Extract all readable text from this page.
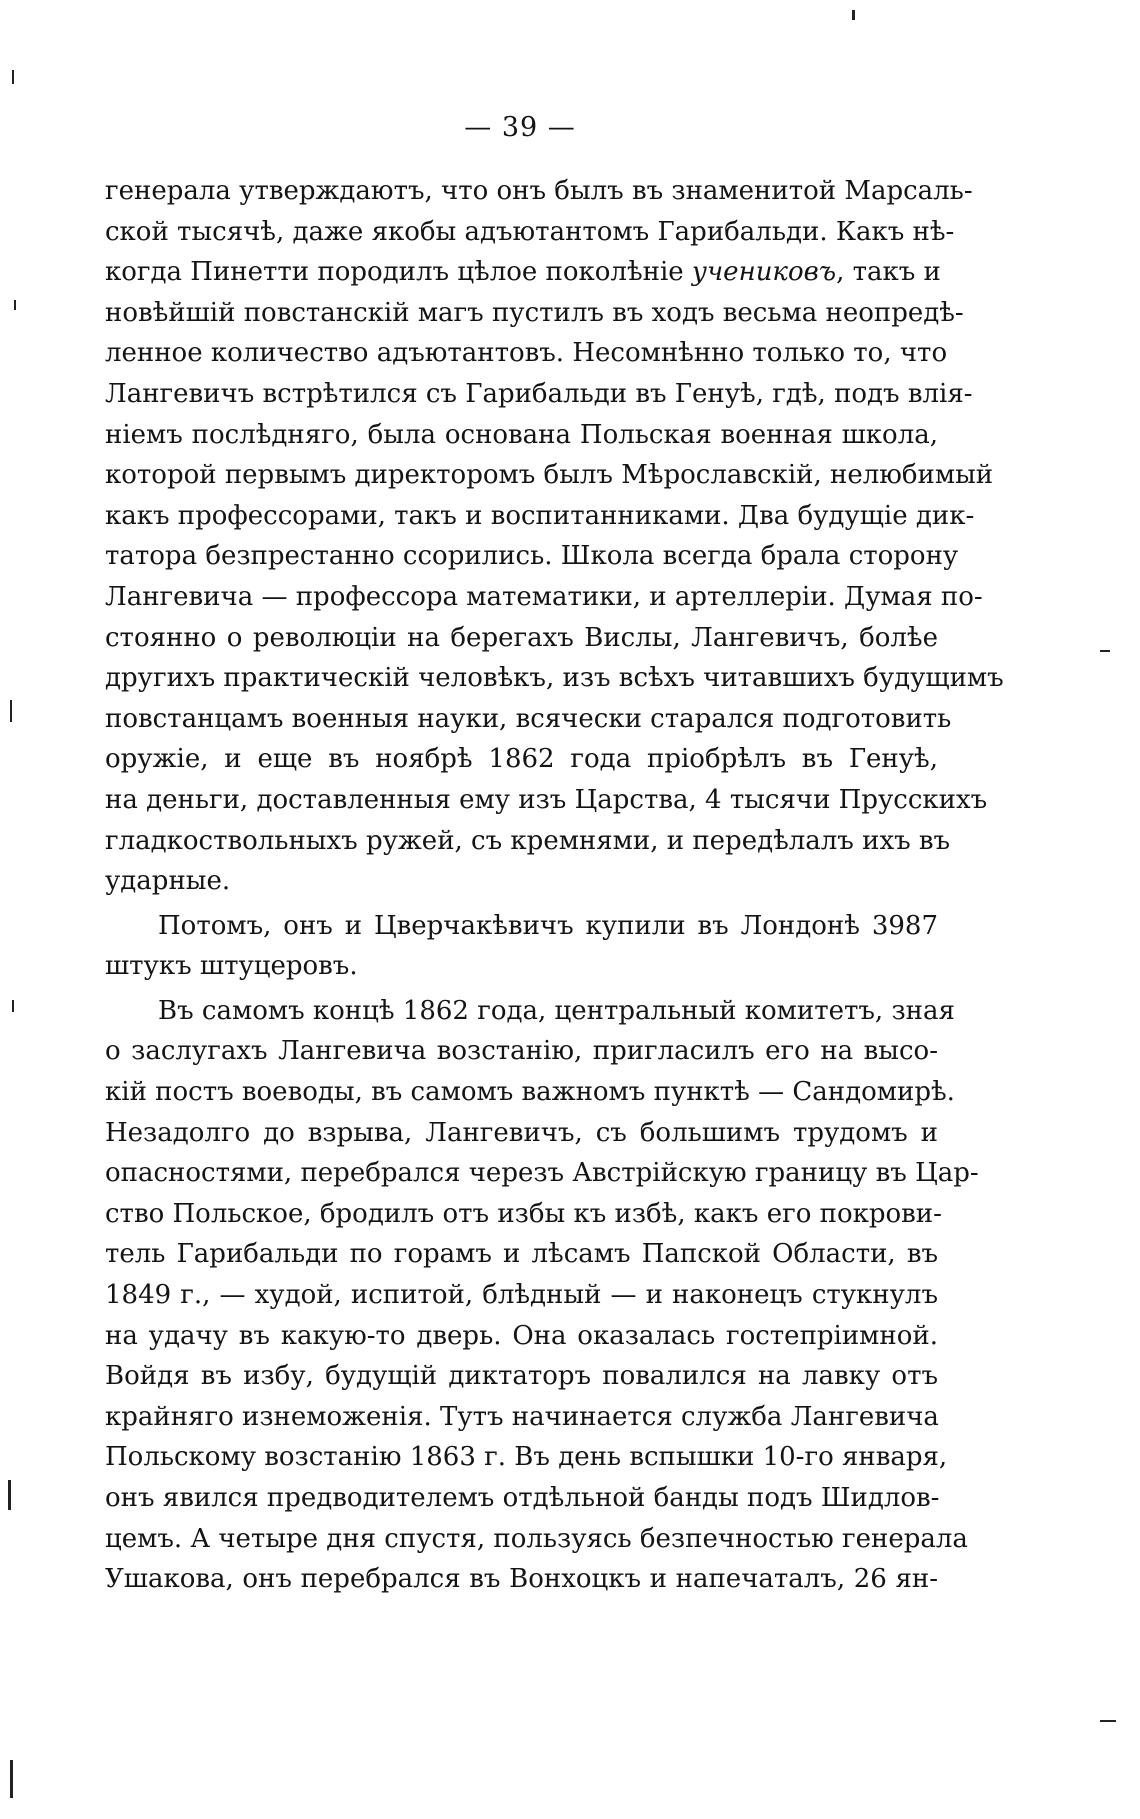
— 39 —
генерала утверждаютъ, что онъ былъ въ знаменитой Марсаль-
ской тысячѣ, даже якобы адъютантомъ Гарибальди. Какъ нѣ-
когда Пинетти породилъ цѣлое поколѣніе учениковъ, такъ и
новѣйшій повстанскій магъ пустилъ въ ходъ весьма неопредѣ-
ленное количество адъютантовъ. Несомнѣнно только то, что
Лангевичъ встрѣтился съ Гарибальди въ Генуѣ, гдѣ, подъ влія-
ніемъ послѣдняго, была основана Польская военная школа,
которой первымъ директоромъ былъ Мѣрославскій, нелюбимый
какъ профессорами, такъ и воспитанниками. Два будущіе дик-
татора безпрестанно ссорились. Школа всегда брала сторону
Лангевича — профессора математики, и артеллеріи. Думая по-
стоянно о революціи на берегахъ Вислы, Лангевичъ, болѣе
другихъ практическій человѣкъ, изъ всѣхъ читавшихъ будущимъ
повстанцамъ военныя науки, всячески старался подготовить
оружіе, и еще въ ноябрѣ 1862 года пріобрѣлъ въ Генуѣ,
на деньги, доставленныя ему изъ Царства, 4 тысячи Прусскихъ
гладкоствольныхъ ружей, съ кремнями, и передѣлалъ ихъ въ
ударные.
Потомъ, онъ и Цверчакѣвичъ купили въ Лондонѣ 3987
штукъ штуцеровъ.
Въ самомъ концѣ 1862 года, центральный комитетъ, зная
о заслугахъ Лангевича возстанію, пригласилъ его на высо-
кій постъ воеводы, въ самомъ важномъ пунктѣ — Сандомирѣ.
Незадолго до взрыва, Лангевичъ, съ большимъ трудомъ и
опасностями, перебрался черезъ Австрійскую границу въ Цар-
ство Польское, бродилъ отъ избы къ избѣ, какъ его покрови-
тель Гарибальди по горамъ и лѣсамъ Папской Области, въ
1849 г., — худой, испитой, блѣдный — и наконецъ стукнулъ
на удачу въ какую-то дверь. Она оказалась гостепріимной.
Войдя въ избу, будущій диктаторъ повалился на лавку отъ
крайняго изнеможенія. Тутъ начинается служба Лангевича
Польскому возстанію 1863 г. Въ день вспышки 10-го января,
онъ явился предводителемъ отдѣльной банды подъ Шидлов-
цемъ. А четыре дня спустя, пользуясь безпечностью генерала
Ушакова, онъ перебрался въ Вонхоцкъ и напечаталъ, 26 ян-
